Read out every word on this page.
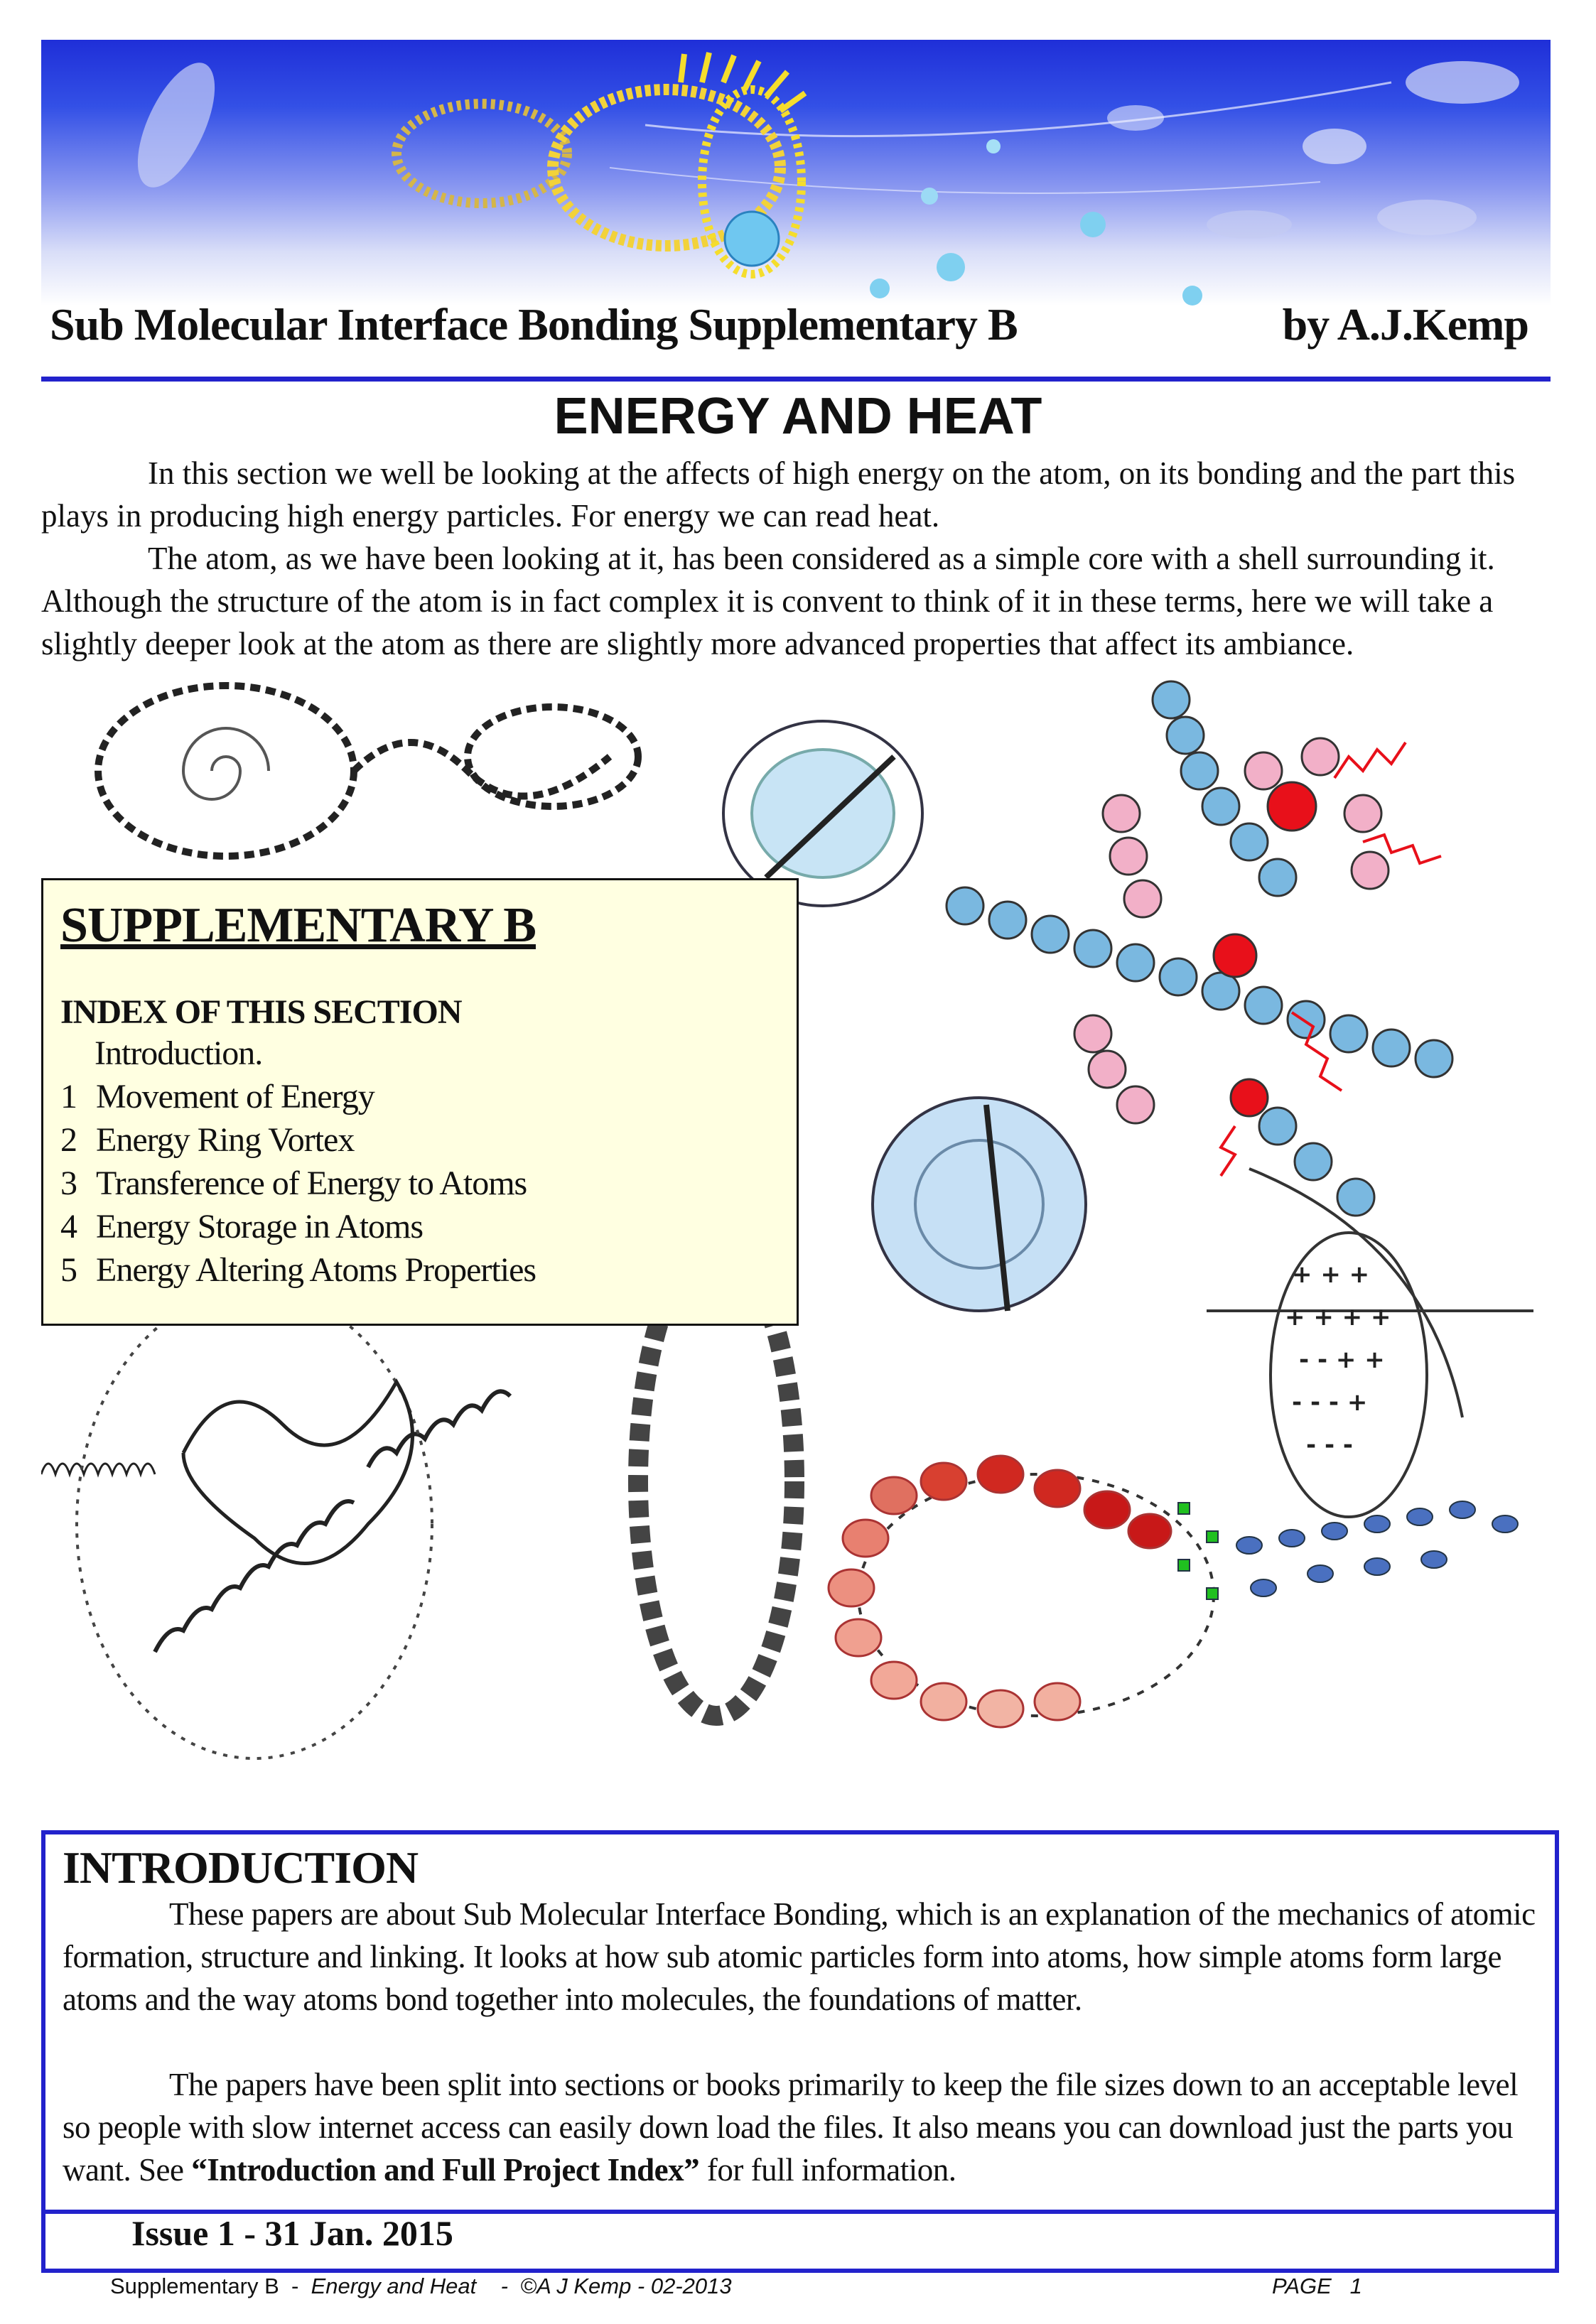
Sub Molecular Interface Bonding Supplementary B	by A.J.Kemp
ENERGY AND HEAT

In this section we well be looking at the affects of high energy on the atom, on its bonding and the part this plays in producing high energy particles. For energy we can read heat.

The atom, as we have been looking at it, has been considered as a simple core with a shell surrounding it. Although the structure of the atom is in fact complex it is convent to think of it in these terms, here we will take a slightly deeper look at the atom as there are slightly more advanced properties that affect its ambiance.

+ + +
+ + + +
- - + +
- - - +
- - -
SUPPLEMENTARY B
INDEX OF THIS SECTION
Introduction.
1 Movement of Energy
2 Energy Ring Vortex
3 Transference of Energy to Atoms
4 Energy Storage in Atoms
5 Energy Altering Atoms Properties
INTRODUCTION

These papers are about Sub Molecular Interface Bonding, which is an explanation of the mechanics of atomic formation, structure and linking. It looks at how sub atomic particles form into atoms, how simple atoms form large atoms and the way atoms bond together into molecules, the foundations of matter.

The papers have been split into sections or books primarily to keep the file sizes down to an acceptable level so people with slow internet access can easily down load the files. It also means you can download just the parts you want. See “Introduction and Full Project Index” for full information.

Issue 1 - 31 Jan. 2015
Supplementary B  -  Energy and Heat    -  ©A J Kemp - 02-2013	PAGE   1
